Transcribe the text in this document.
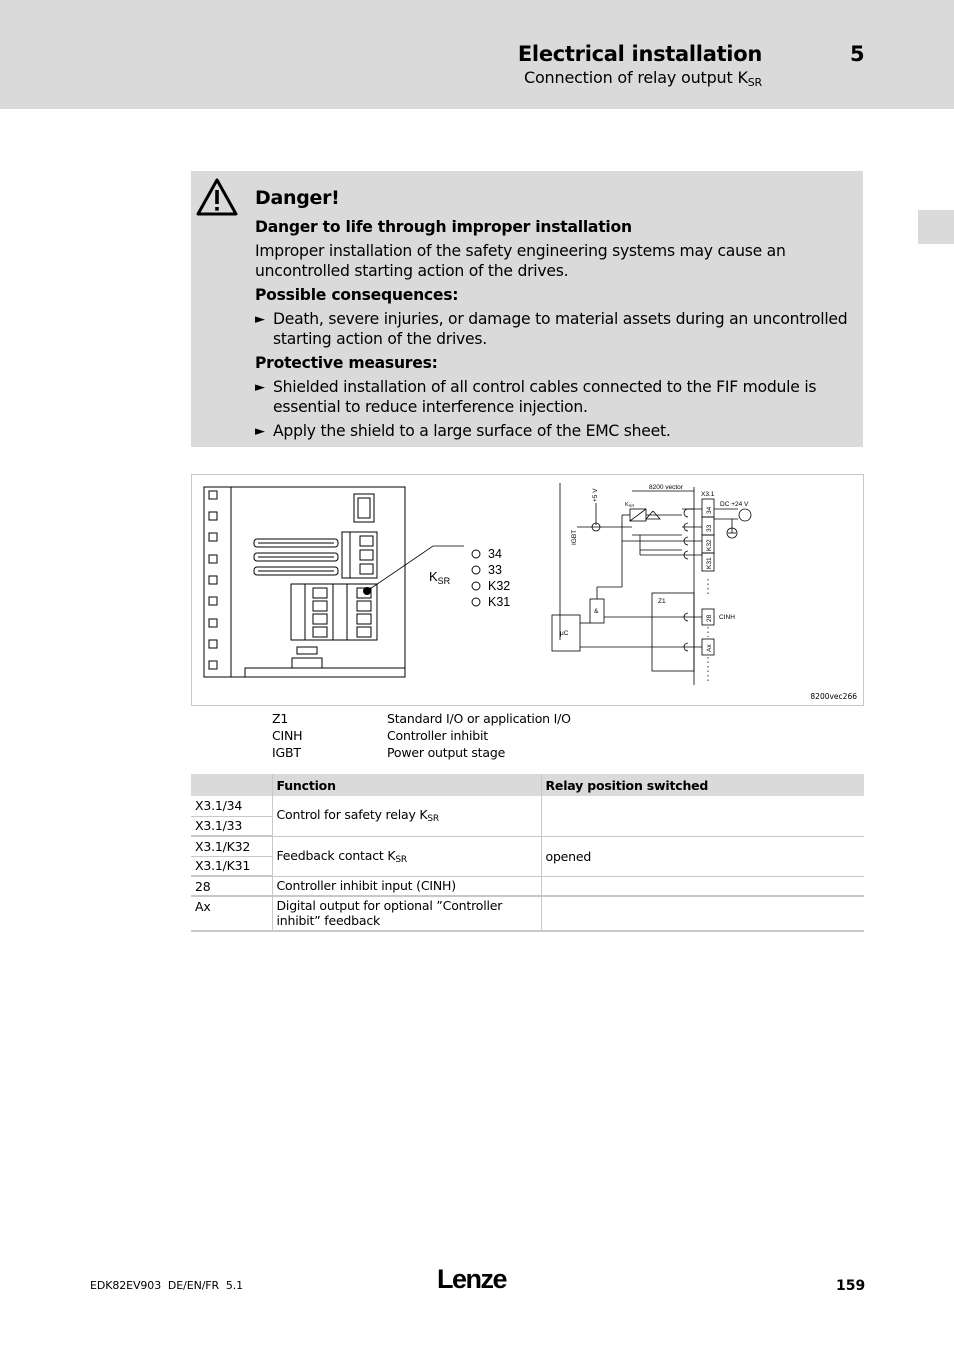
Electrical installation	5
Connection of relay output $K_{SR}$
Danger!
Danger to life through improper installation
Improper installation of the safety engineering systems may cause an uncontrolled starting action of the drives.
Possible consequences:
► Death, severe injuries, or damage to material assets during an uncontrolled starting action of the drives.
Protective measures:
► Shielded installation of all control cables connected to the FIF module is essential to reduce interference injection.
► Apply the shield to a large surface of the EMC sheet.
$K_{SR}$
34
33
K32
K31
8200 vector
X3.1
DC +24 V
+5 V
IGBT
KSR
&
µC
Z1
CINH
34
33
K32
K31
28
Ax
8200vec266
Z1	Standard I/O or application I/O
CINH	Controller inhibit
IGBT	Power output stage
	Function	Relay position switched
X3.1/34	Control for safety relay $K_{SR}$	
X3.1/33		
X3.1/K32	Feedback contact $K_{SR}$	opened
X3.1/K31		
28	Controller inhibit input (CINH)	
Ax	Digital output for optional ”Controller inhibit” feedback	
EDK82EV903  DE/EN/FR  5.1	Lenze	159
